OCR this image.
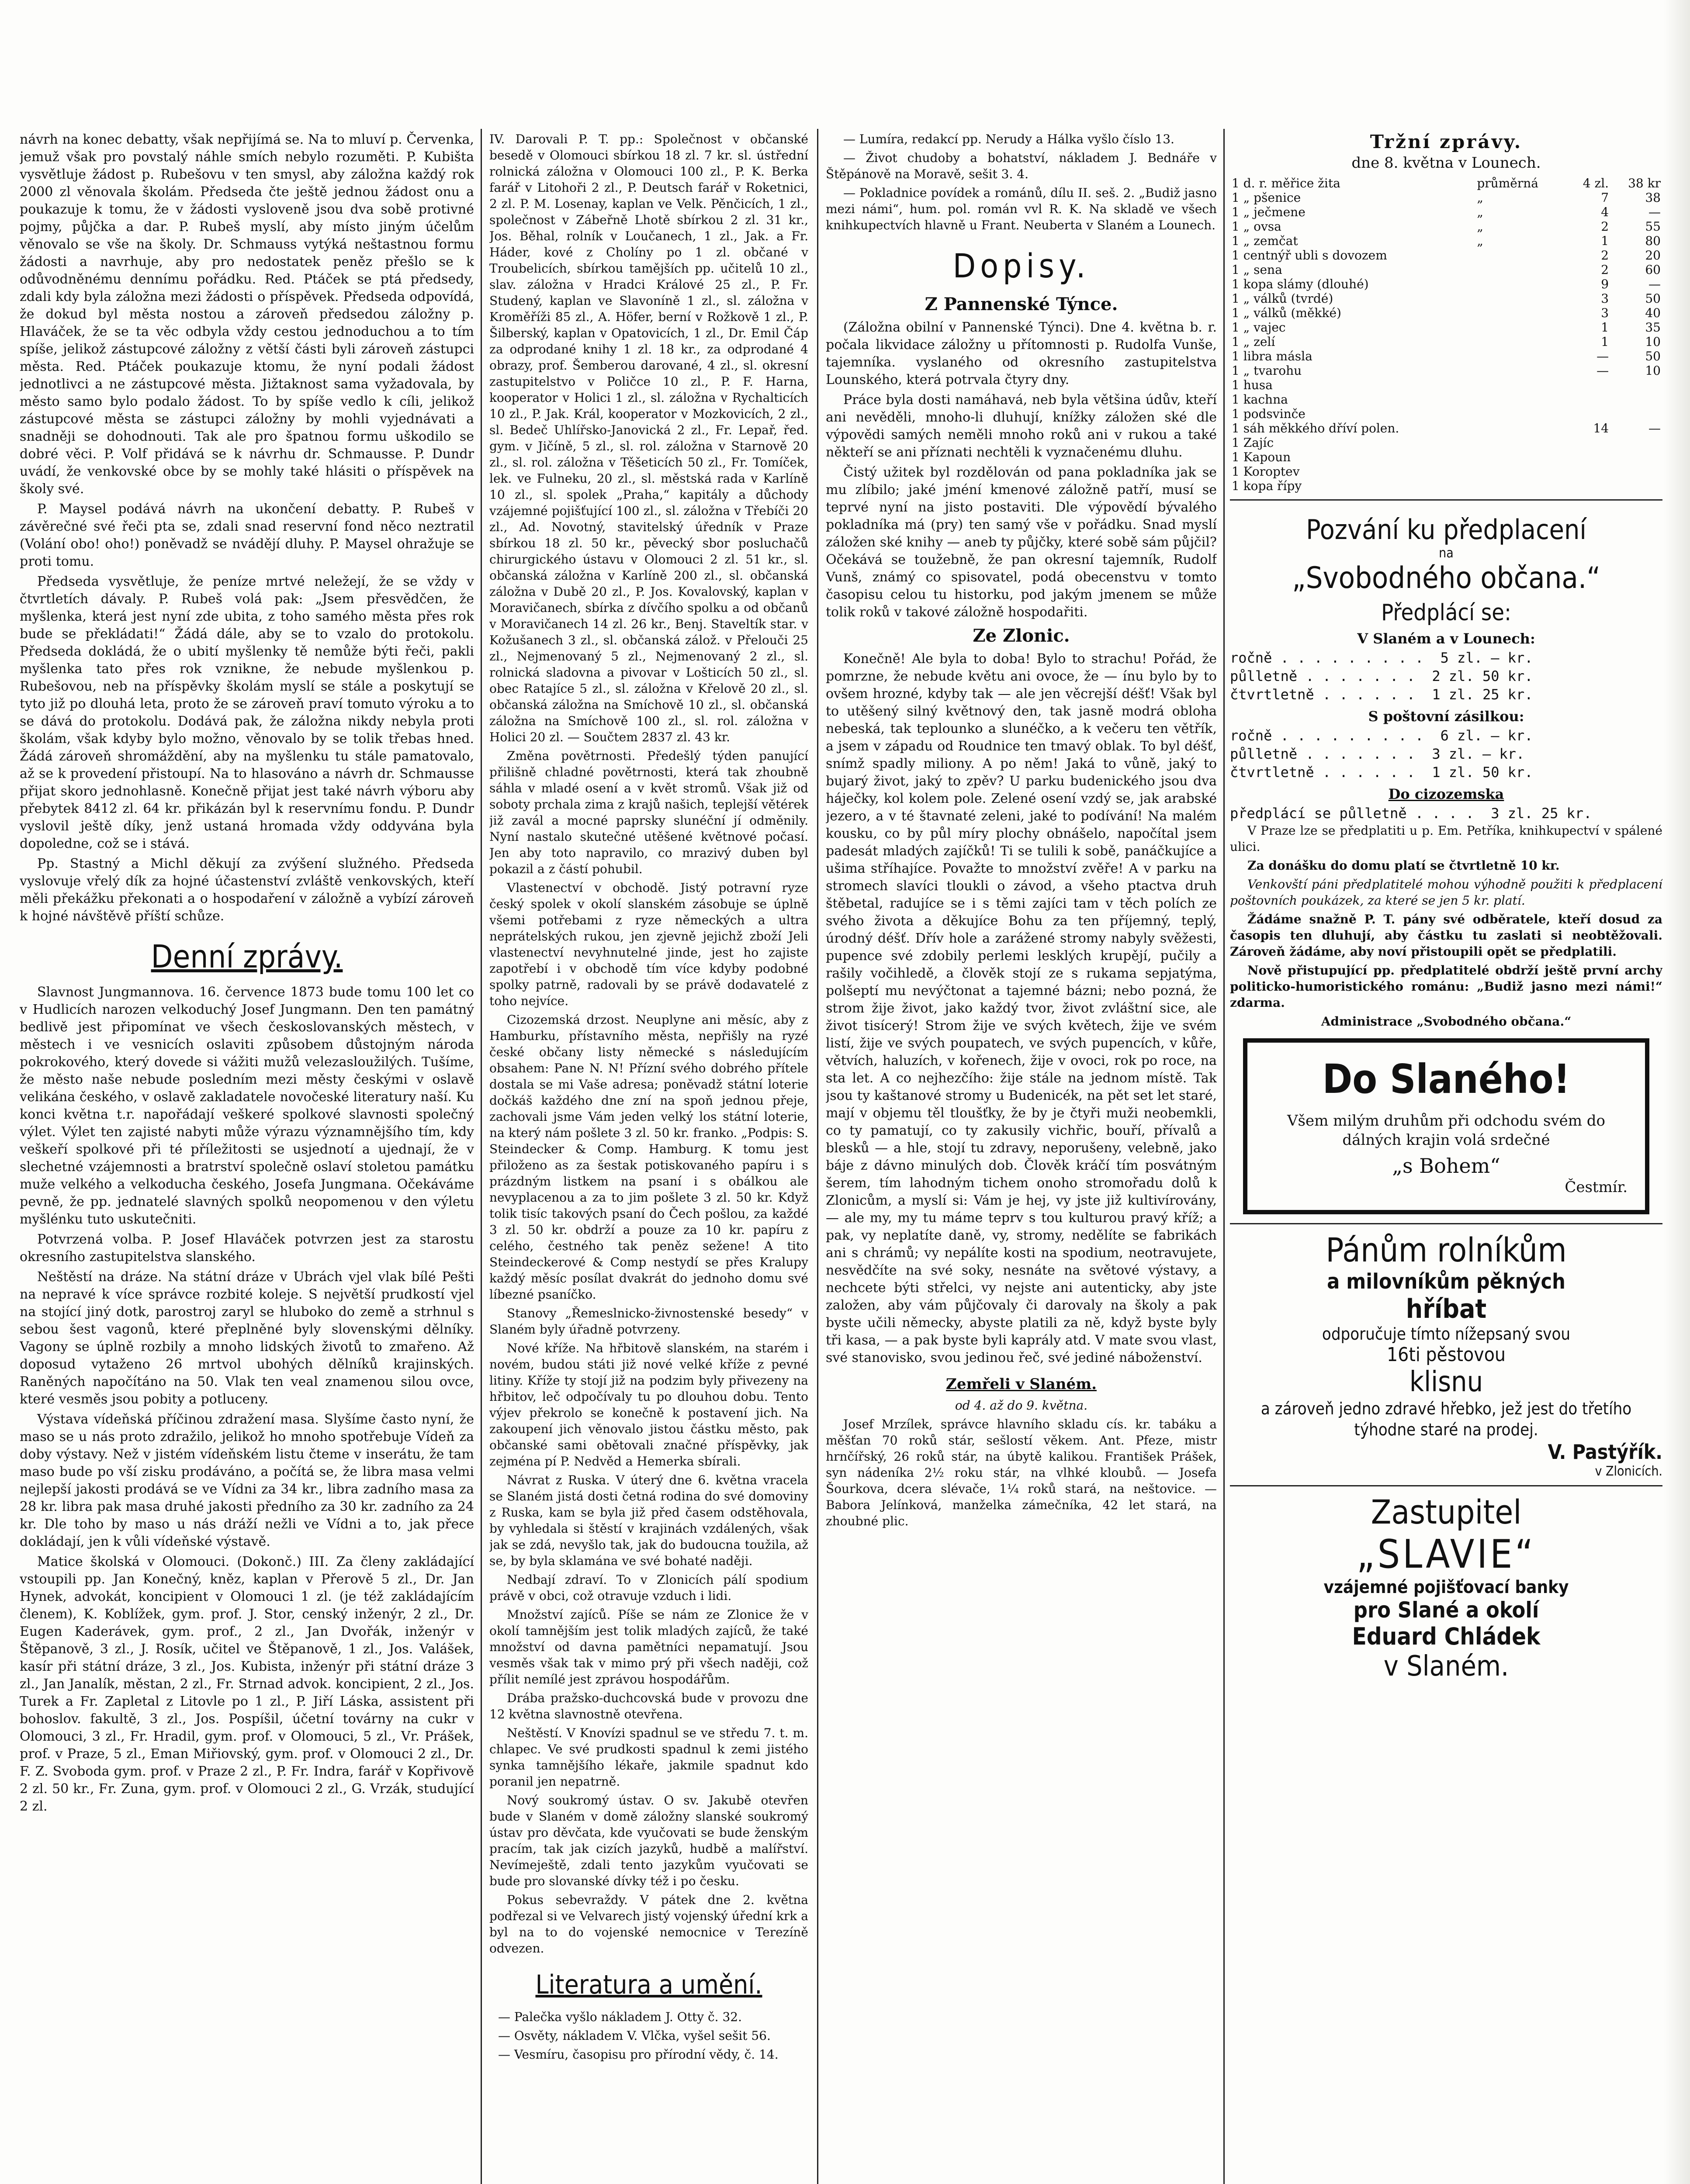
návrh na konec debatty, však nepřijímá se. Na to mluví p. Červenka, jemuž však pro povstalý náhle smích nebylo rozuměti. P. Kubišta vysvětluje žádost p. Rubešovu v ten smysl, aby záložna každý rok 2000 zl věnovala školám. Předseda čte ještě jednou žádost onu a poukazuje k tomu, že v žádosti vysloveně jsou dva sobě protivné pojmy, půjčka a dar. P. Rubeš myslí, aby místo jiným účelům věnovalo se vše na školy. Dr. Schmauss vytýká neštastnou formu žádosti a navrhuje, aby pro nedostatek peněz přešlo se k odůvodněnému dennímu pořádku. Red. Ptáček se ptá předsedy, zdali kdy byla záložna mezi žádosti o příspěvek. Předseda odpovídá, že dokud byl města nostou a zároveň předsedou záložny p. Hlaváček, že se ta věc odbyla vždy cestou jednoduchou a to tím spíše, jelikož zástupcové záložny z větší části byli zároveň zástupci města. Red. Ptáček poukazuje ktomu, že nyní podali žádost jednotlivci a ne zástupcové města. Jižtaknost sama vyžadovala, by město samo bylo podalo žádost. To by spíše vedlo k cíli, jelikož zástupcové města se zástupci záložny by mohli vyjednávati a snadněji se dohodnouti. Tak ale pro špatnou formu uškodilo se dobré věci. P. Volf přidává se k návrhu dr. Schmausse. P. Dundr uvádí, že venkovské obce by se mohly také hlásiti o příspěvek na školy své.

P. Maysel podává návrh na ukončení debatty. P. Rubeš v závěrečné své řeči pta se, zdali snad reservní fond něco neztratil (Volání obo! oho!) poněvadž se nvádějí dluhy. P. Maysel ohražuje se proti tomu.

Předseda vysvětluje, že peníze mrtvé neležejí, že se vždy v čtvrtletích dávaly. P. Rubeš volá pak: „Jsem přesvědčen, že myšlenka, která jest nyní zde ubita, z toho samého města přes rok bude se překládati!“ Žádá dále, aby se to vzalo do protokolu. Předseda dokládá, že o ubití myšlenky tě nemůže býti řeči, pakli myšlenka tato přes rok vznikne, že nebude myšlenkou p. Rubešovou, neb na příspěvky školám myslí se stále a poskytují se tyto již po dlouhá leta, proto že se zároveň praví tomuto výroku a to se dává do protokolu. Dodává pak, že záložna nikdy nebyla proti školám, však kdyby bylo možno, věnovalo by se tolik třebas hned. Žádá zároveň shromáždění, aby na myšlenku tu stále pamatovalo, až se k provedení přistoupí. Na to hlasováno a návrh dr. Schmausse přijat skoro jednohlasně. Konečně přijat jest také návrh výboru aby přebytek 8412 zl. 64 kr. přikázán byl k reservnímu fondu. P. Dundr vyslovil ještě díky, jenž ustaná hromada vždy oddyvána byla dopoledne, což se i stává.

Pp. Stastný a Michl děkují za zvýšení služného. Předseda vyslovuje vřelý dík za hojné účastenství zvláště venkovských, kteří měli překážku překonati a o hospodaření v záložně a vybízí zároveň k hojné návštěvě příští schůze.

Denní zprávy.

Slavnost Jungmannova. 16. července 1873 bude tomu 100 let co v Hudlicích narozen velkoduchý Josef Jungmann. Den ten památný bedlivě jest připomínat ve všech českoslovanských městech, v městech i ve vesnicích oslaviti způsobem důstojným národa pokrokového, který dovede si vážiti mužů velezasloužilých. Tušíme, že město naše nebude posledním mezi městy českými v oslavě velikána českého, v oslavě zakladatele novočeské literatury naší. Ku konci května t.r. napořádají veškeré spolkové slavnosti společný výlet. Výlet ten zajisté nabyti může výrazu významnějšího tím, kdy veškeří spolkové při té příležitosti se usjednotí a ujednají, že v slechetné vzájemnosti a bratrství společně oslaví stoletou památku muže velkého a velkoducha českého, Josefa Jungmana. Očekáváme pevně, že pp. jednatelé slavných spolků neopomenou v den výletu myšlénku tuto uskutečniti.

Potvrzená volba. P. Josef Hlaváček potvrzen jest za starostu okresního zastupitelstva slanského.

Neštěstí na dráze. Na státní dráze v Ubrách vjel vlak bílé Pešti na nepravé k více správce rozbité koleje. S největší prudkostí vjel na stojící jiný dotk, parostroj zaryl se hluboko do země a strhnul s sebou šest vagonů, které přeplněné byly slovenskými dělníky. Vagony se úplně rozbily a mnoho lidských životů to zmařeno. Až doposud vytaženo 26 mrtvol ubohých dělníků krajinských. Raněných napočítáno na 50. Vlak ten veal znamenou silou ovce, které vesměs jsou pobity a potluceny.

Výstava vídeňská příčinou zdražení masa. Slyšíme často nyní, že maso se u nás proto zdražilo, jelikož ho mnoho spotřebuje Vídeň za doby výstavy. Než v jistém vídeňském listu čteme v inserátu, že tam maso bude po vší zisku prodáváno, a počítá se, že libra masa velmi nejlepší jakosti prodává se ve Vídni za 34 kr., libra zadního masa za 28 kr. libra pak masa druhé jakosti předního za 30 kr. zadního za 24 kr. Dle toho by maso u nás dráží nežli ve Vídni a to, jak přece dokládají, jen k vůli vídeňské výstavě.

Matice školská v Olomouci. (Dokonč.) III. Za členy zakládající vstoupili pp. Jan Konečný, kněz, kaplan v Přerově 5 zl., Dr. Jan Hynek, advokát, koncipient v Olomouci 1 zl. (je též zakládajícím členem), K. Koblížek, gym. prof. J. Stor, censký inženýr, 2 zl., Dr. Eugen Kaderávek, gym. prof., 2 zl., Jan Dvořák, inženýr v Štěpanově, 3 zl., J. Rosík, učitel ve Štěpanově, 1 zl., Jos. Valášek, kasír při státní dráze, 3 zl., Jos. Kubista, inženýr při státní dráze 3 zl., Jan Janalík, městan, 2 zl., Fr. Strnad advok. koncipient, 2 zl., Jos. Turek a Fr. Zapletal z Litovle po 1 zl., P. Jiří Láska, assistent při bohoslov. fakultě, 3 zl., Jos. Pospíšil, účetní továrny na cukr v Olomouci, 3 zl., Fr. Hradil, gym. prof. v Olomouci, 5 zl., Vr. Prášek, prof. v Praze, 5 zl., Eman Miřiovský, gym. prof. v Olomouci 2 zl., Dr. F. Z. Svoboda gym. prof. v Praze 2 zl., P. Fr. Indra, farář v Kopřivově 2 zl. 50 kr., Fr. Zuna, gym. prof. v Olomouci 2 zl., G. Vrzák, studující 2 zl.

IV. Darovali P. T. pp.: Společnost v občanské besedě v Olomouci sbírkou 18 zl. 7 kr. sl. ústřední rolnická záložna v Olomouci 100 zl., P. K. Berka farář v Litohoři 2 zl., P. Deutsch farář v Roketnici, 2 zl. P. M. Losenay, kaplan ve Velk. Pěnčicích, 1 zl., společnost v Zábeřně Lhotě sbírkou 2 zl. 31 kr., Jos. Běhal, rolník v Loučanech, 1 zl., Jak. a Fr. Háder, kové z Cholíny po 1 zl. občané v Troubelicích, sbírkou tamějších pp. učitelů 10 zl., slav. záložna v Hradci Králové 25 zl., P. Fr. Studený, kaplan ve Slavoníně 1 zl., sl. záložna v Kroměříži 85 zl., A. Höfer, berní v Rožkově 1 zl., P. Šilberský, kaplan v Opatovicích, 1 zl., Dr. Emil Čáp za odprodané knihy 1 zl. 18 kr., za odprodané 4 obrazy, prof. Šemberou darované, 4 zl., sl. okresní zastupitelstvo v Poličce 10 zl., P. F. Harna, kooperator v Holici 1 zl., sl. záložna v Rychalticích 10 zl., P. Jak. Král, kooperator v Mozkovicích, 2 zl., sl. Bedeč Uhlířsko-Janovická 2 zl., Fr. Lepař, řed. gym. v Jičíně, 5 zl., sl. rol. záložna v Starnově 20 zl., sl. rol. záložna v Těšeticích 50 zl., Fr. Tomíček, lek. ve Fulneku, 20 zl., sl. městská rada v Karlíně 10 zl., sl. spolek „Praha,“ kapitály a důchody vzájemné pojišťující 100 zl., sl. záložna v Třebíči 20 zl., Ad. Novotný, stavitelský úředník v Praze sbírkou 18 zl. 50 kr., pěvecký sbor posluchačů chirurgického ústavu v Olomouci 2 zl. 51 kr., sl. občanská záložna v Karlíně 200 zl., sl. občanská záložna v Dubě 20 zl., P. Jos. Kovalovský, kaplan v Moravičanech, sbírka z dívčího spolku a od občanů v Moravičanech 14 zl. 26 kr., Benj. Staveltík star. v Kožušanech 3 zl., sl. občanská zálož. v Přelouči 25 zl., Nejmenovaný 5 zl., Nejmenovaný 2 zl., sl. rolnická sladovna a pivovar v Lošticích 50 zl., sl. obec Ratajíce 5 zl., sl. záložna v Křelově 20 zl., sl. občanská záložna na Smíchově 10 zl., sl. občanská záložna na Smíchově 100 zl., sl. rol. záložna v Holici 20 zl. — Součtem 2837 zl. 43 kr.

Změna povětrnosti. Předešlý týden panující přilišně chladné povětrnosti, která tak zhoubně sáhla v mladé osení a v květ stromů. Však již od soboty prchala zima z krajů našich, teplejší větérek již zavál a mocné paprsky slunéční jí odměnily. Nyní nastalo skutečné utěšené květnové počasí. Jen aby toto napravilo, co mrazivý duben byl pokazil a z částí pohubil.

Vlastenectví v obchodě. Jistý potravní ryze český spolek v okolí slanském zásobuje se úplně všemi potřebami z ryze německých a ultra neprátelských rukou, jen zjevně jejichž zboží Jeli vlastenectví nevyhnutelné jinde, jest ho zajiste zapotřebí i v obchodě tím více kdyby podobné spolky patrně, radovali by se právě dodavatelé z toho nejvíce.

Cizozemská drzost. Neuplyne ani měsíc, aby z Hamburku, přístavního města, nepřišly na ryzé české občany listy německé s následujícím obsahem: Pane N. N! Přízní svého dobrého přítele dostala se mi Vaše adresa; poněvadž státní loterie dočkáš každého dne zní na spoň jednou přeje, zachovali jsme Vám jeden velký los státní loterie, na který nám pošlete 3 zl. 50 kr. franko. „Podpis: S. Steindecker & Comp. Hamburg. K tomu jest přiloženo as za šestak potiskovaného papíru i s prázdným listkem na psaní i s obálkou ale nevyplacenou a za to jim pošlete 3 zl. 50 kr. Když tolik tisíc takových psaní do Čech pošlou, za každé 3 zl. 50 kr. obdrží a pouze za 10 kr. papíru z celého, čestného tak peněz sežene! A tito Steindeckerové & Comp nestydí se přes Kralupy každý měsíc posílat dvakrát do jednoho domu své líbezné psaníčko.

Stanovy „Řemeslnicko-živnostenské besedy“ v Slaném byly úřadně potvrzeny.

Nové kříže. Na hřbitově slanském, na starém i novém, budou státi již nové velké kříže z pevné litiny. Kříže ty stojí již na podzim byly přivezeny na hřbitov, leč odpočívaly tu po dlouhou dobu. Tento výjev překrolo se konečně k postavení jich. Na zakoupení jich věnovalo jistou částku město, pak občanské sami obětovali značné příspěvky, jak zejména pí P. Nedvěd a Hemerka sbírali.

Návrat z Ruska. V úterý dne 6. května vracela se Slaném jistá dosti četná rodina do své domoviny z Ruska, kam se byla již před časem odstěhovala, by vyhledala si štěstí v krajinách vzdálených, však jak se zdá, nevyšlo tak, jak do budoucna toužila, až se, by byla sklamána ve své bohaté naději.

Nedbají zdraví. To v Zlonicích pálí spodium právě v obci, což otravuje vzduch i lidi.

Množství zajíců. Píše se nám ze Zlonice že v okolí tamnějším jest tolik mladých zajíců, že také množství od davna pamětníci nepamatují. Jsou vesměs však tak v mimo prý při všech naději, což přílit nemílé jest zprávou hospodářům.

Drába pražsko-duchcovská bude v provozu dne 12 května slavnostně otevřena.

Neštěstí. V Knovízi spadnul se ve středu 7. t. m. chlapec. Ve své prudkosti spadnul k zemi jistého synka tamnějšího lékaře, jakmile spadnut kdo poranil jen nepatrně.

Nový soukromý ústav. O sv. Jakubě otevřen bude v Slaném v domě záložny slanské soukromý ústav pro děvčata, kde vyučovati se bude ženským pracím, tak jak cizích jazyků, hudbě a malířství. Nevímeještě, zdali tento jazykům vyučovati se bude pro slovanské dívky též i po česku.

Pokus sebevraždy. V pátek dne 2. května podřezal si ve Velvarech jistý vojenský úřední krk a byl na to do vojenské nemocnice v Terezíně odvezen.

Literatura a umění.

— Palečka vyšlo nákladem J. Otty č. 32.

— Osvěty, nákladem V. Vlčka, vyšel sešit 56.

— Vesmíru, časopisu pro přírodní vědy, č. 14.

— Lumíra, redakcí pp. Nerudy a Hálka vyšlo číslo 13.

— Život chudoby a bohatství, nákladem J. Bednáře v Štěpánově na Moravě, sešit 3. 4.

— Pokladnice povídek a románů, dílu II. seš. 2. „Budiž jasno mezi námi“, hum. pol. román vvl R. K. Na skladě ve všech knihkupectvích hlavně u Frant. Neuberta v Slaném a Lounech.

Dopisy.

Z Pannenské Týnce.

(Záložna obilní v Pannenské Týnci). Dne 4. května b. r. počala likvidace záložny u přítomnosti p. Rudolfa Vunše, tajemníka. vyslaného od okresního zastupitelstva Lounského, která potrvala čtyry dny.

Práce byla dosti namáhavá, neb byla většina údův, kteří ani nevěděli, mnoho-li dluhují, knížky záložen ské dle výpovědi samých neměli mnoho roků ani v rukou a také někteří se ani příznati nechtěli k vyznačenému dluhu.

Čistý užitek byl rozdělován od pana pokladníka jak se mu zlíbilo; jaké jméní kmenové záložně patří, musí se teprvé nyní na jisto postaviti. Dle výpovědí bývalého pokladníka má (pry) ten samý vše v pořádku. Snad myslí záložen ské knihy — aneb ty půjčky, které sobě sám půjčil? Očekává se toužebně, že pan okresní tajemník, Rudolf Vunš, známý co spisovatel, podá obecenstvu v tomto časopisu celou tu historku, pod jakým jmenem se může tolik roků v takové záložně hospodařiti.

Ze Zlonic.

Konečně! Ale byla to doba! Bylo to strachu! Pořád, že pomrzne, že nebude květu ani ovoce, že — ínu bylo by to ovšem hrozné, kdyby tak — ale jen věcrejší déšť! Však byl to utěšený silný květnový den, tak jasně modrá obloha nebeská, tak teplounko a slunéčko, a k večeru ten větřík, a jsem v západu od Roudnice ten tmavý oblak. To byl déšť, snímž spadly miliony. A po něm! Jaká to vůně, jaký to bujarý život, jaký to zpěv? U parku budenického jsou dva háječky, kol kolem pole. Zelené osení vzdý se, jak arabské jezero, a v té štavnaté zeleni, jaké to podívání! Na malém kousku, co by půl míry plochy obnášelo, napočítal jsem padesát mladých zajíčků! Ti se tulili k sobě, panáčkujíce a ušima stříhajíce. Považte to množství zvěře! A v parku na stromech slavíci tloukli o závod, a všeho ptactva druh štěbetal, radujíce se i s těmi zajíci tam v těch polích ze svého života a děkujíce Bohu za ten příjemný, teplý, úrodný déšť. Dřív hole a zarážené stromy nabyly svěžesti, pupence své zdobily perlemi lesklých krupějí, pučily a rašily vočihledě, a člověk stojí ze s rukama sepjatýma, polšeptí mu nevýčtonat a tajemné bázni; nebo pozná, že strom žije život, jako každý tvor, život zvláštní sice, ale život tisícerý! Strom žije ve svých květech, žije ve svém listí, žije ve svých poupatech, ve svých pupencích, v kůře, větvích, haluzích, v kořenech, žije v ovoci, rok po roce, na sta let. A co nejhezčího: žije stále na jednom místě. Tak jsou ty kaštanové stromy u Budenicék, na pět set let staré, mají v objemu těl tloušťky, že by je čtyři muži neobemkli, co ty pamatují, co ty zakusily vichřic, bouří, přívalů a blesků — a hle, stojí tu zdravy, neporušeny, velebně, jako báje z dávno minulých dob. Člověk kráčí tím posvátným šerem, tím lahodným tichem onoho stromořadu dolů k Zlonicům, a myslí si: Vám je hej, vy jste již kultivírovány, — ale my, my tu máme teprv s tou kulturou pravý kříž; a pak, vy neplatíte daně, vy, stromy, nedělíte se fabrikách ani s chrámů; vy nepálíte kosti na spodium, neotravujete, nesvědčíte na své soky, nesnáte na světové výstavy, a nechcete býti střelci, vy nejste ani autenticky, aby jste založen, aby vám půjčovaly či darovaly na školy a pak byste učili německy, abyste platili za ně, když byste byly tři kasa, — a pak byste byli kaprály atd. V mate svou vlast, své stanovisko, svou jedinou řeč, své jediné náboženství.

Zemřeli v Slaném.

od 4. až do 9. května.

Josef Mrzílek, správce hlavního skladu cís. kr. tabáku a měšťan 70 roků stár, sešlostí věkem. Ant. Pfeze, mistr hrnčířský, 26 roků stár, na úbytě kalikou. František Prášek, syn nádeníka 2½ roku stár, na vlhké kloubů. — Josefa Šourkova, dcera slévače, 1¼ roků stará, na neštovice. — Babora Jelínková, manželka zámečníka, 42 let stará, na zhoubné plic.

Tržní zprávy.

dne 8. května v Lounech.

1 d. r. měřice žita	průměrná	4 zl.	38 kr
1 „ pšenice	„	7	38
1 „ ječmene	„	4	—
1 „ ovsa	„	2	55
1 „ zemčat	„	1	80
1 centnýř ubli s dovozem		2	20
1 „ sena		2	60
1 kopa slámy (dlouhé)		9	—
1 „ válků (tvrdé)		3	50
1 „ válků (měkké)		3	40
1 „ vajec		1	35
1 „ zelí		1	10
1 libra másla		—	50
1 „ tvarohu		—	10
1 husa			
1 kachna			
1 podsvinče			
1 sáh měkkého dříví polen.		14	—
1 Zajíc			
1 Kapoun			
1 Koroptev			
1 kopa řípy			

Pozvání ku předplacení

na

„Svobodného občana.“

Předplácí se:

V Slaném a v Lounech:

ročně . . . . . . . . .  5 zl. — kr.

půlletně . . . . . . .  2 zl. 50 kr.

čtvrtletně . . . . . .  1 zl. 25 kr.

S poštovní zásilkou:

ročně . . . . . . . . .  6 zl. — kr.

půlletně . . . . . . .  3 zl. — kr.

čtvrtletně . . . . . .  1 zl. 50 kr.

Do cizozemska

předplácí se půlletně . . . .  3 zl. 25 kr.

V Praze lze se předplatiti u p. Em. Petříka, knihkupectví v spálené ulici.

Za donášku do domu platí se čtvrtletně 10 kr.

Venkovští páni předplatitelé mohou výhodně použiti k předplacení poštovních poukázek, za které se jen 5 kr. platí.

Žádáme snažně P. T. pány své odběratele, kteří dosud za časopis ten dluhují, aby částku tu zaslati si neobtěžovali. Zároveň žádáme, aby noví přistoupili opět se předplatili.

Nově přistupující pp. předplatitelé obdrží ještě první archy politicko-humoristického románu: „Budiž jasno mezi námi!“ zdarma.

Administrace „Svobodného občana.“

Do Slaného!

Všem milým druhům při odchodu svém do dálných krajin volá srdečné

„s Bohem“

Čestmír.

Pánům rolníkům

a milovníkům pěkných

hříbat

odporučuje tímto nížepsaný svou

16ti pěstovou

klisnu

a zároveň jedno zdravé hřebko, jež jest do třetího týhodne staré na prodej.

V. Pastýřík.

v Zlonicích.

Zastupitel

„SLAVIE“

vzájemné pojišťovací banky

pro Slané a okolí

Eduard Chládek

v Slaném.
